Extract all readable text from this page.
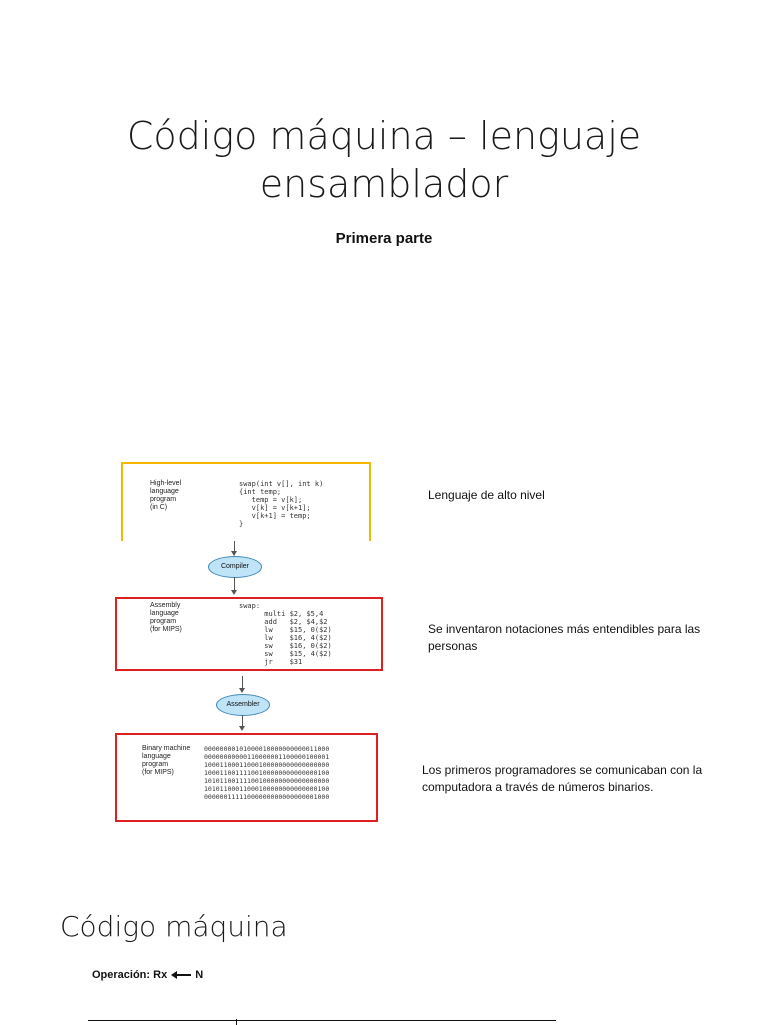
Código máquina – lenguaje ensamblador
Primera parte
High-level
language
program
(in C)
swap(int v[], int k)
{int temp;
temp = v[k];
v[k] = v[k+1];
v[k+1] = temp;
}
Compiler
Assembly
language
program
(for MIPS)
swap:
multi $2, $5,4
add   $2, $4,$2
lw    $15, 0($2)
lw    $16, 4($2)
sw    $16, 0($2)
sw    $15, 4($2)
jr    $31
Assembler
Binary machine
language
program
(for MIPS)
00000000101000010000000000011000
00000000000110000001100000100001
10001100011000100000000000000000
10001100111100100000000000000100
10101100111100100000000000000000
10101100011000100000000000000100
00000011111000000000000000001000
Lenguaje de alto nivel
Se inventaron notaciones más entendibles para las personas
Los primeros programadores se comunicaban con la computadora a través de números binarios.
Código máquina
Operación: Rx	N
